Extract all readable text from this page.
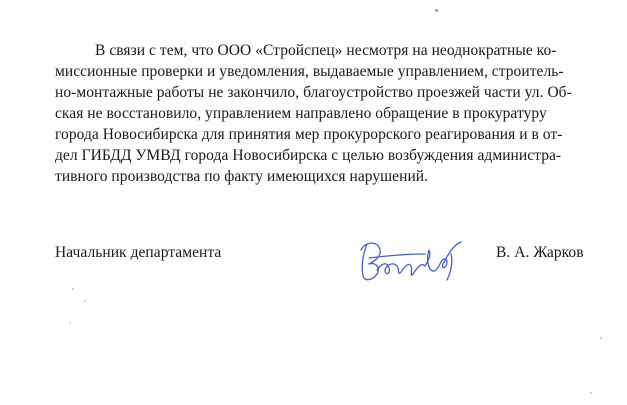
В связи с тем, что ООО «Стройспец» несмотря на неоднократные ко-
миссионные проверки и уведомления, выдаваемые управлением, строитель-
но-монтажные работы не закончило, благоустройство проезжей части ул. Об-
ская не восстановило, управлением направлено обращение в прокуратуру
города Новосибирска для принятия мер прокурорского реагирования и в от-
дел ГИБДД УМВД города Новосибирска с целью возбуждения администра-
тивного производства по факту имеющихся нарушений.
Начальник департамента	В. А. Жарков
